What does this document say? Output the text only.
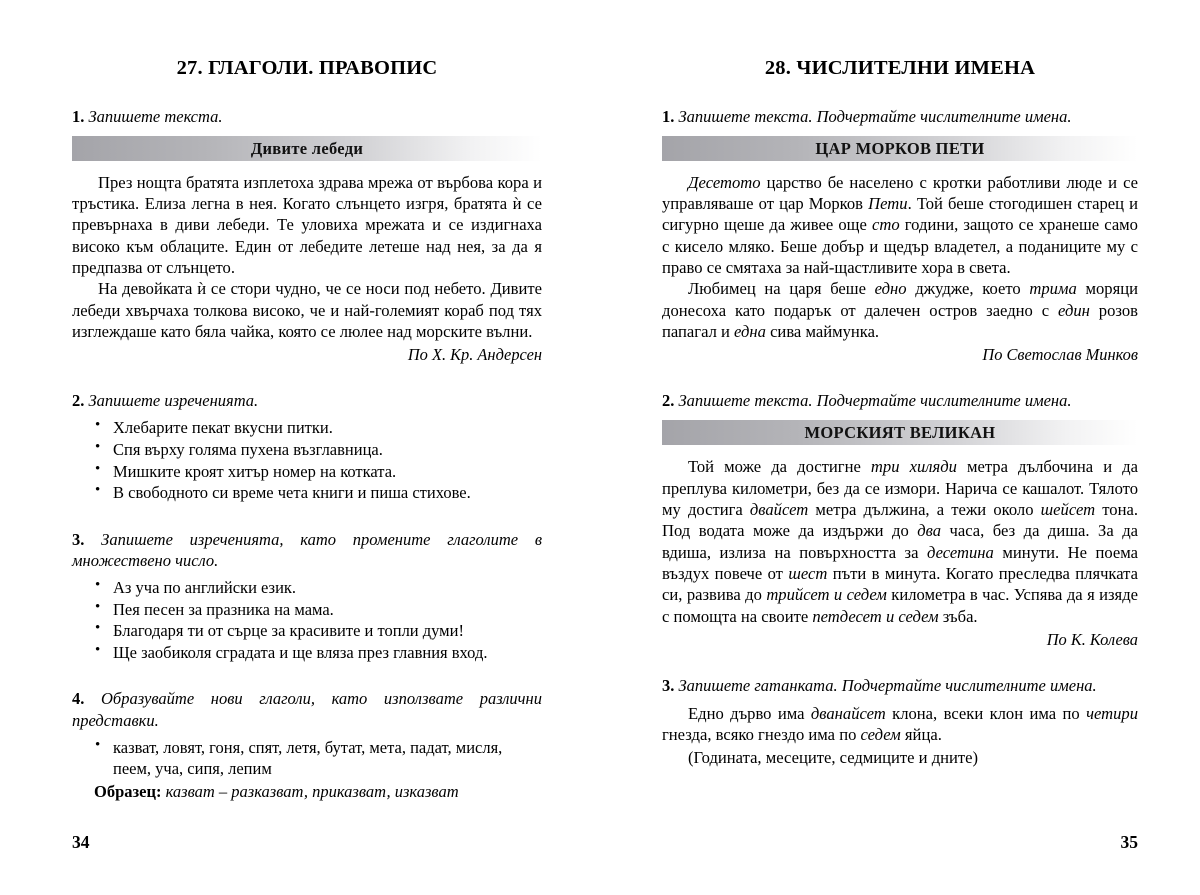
27. ГЛАГОЛИ. ПРАВОПИС

1. Запишете текста.

Дивите лебеди

През нощта братята изплетоха здрава мрежа от върбова кора и тръстика. Елиза легна в нея. Когато слънцето изгря, братята ѝ се превърнаха в диви лебеди. Те уловиха мрежата и се издигнаха високо към облаците. Един от лебедите летеше над нея, за да я предпазва от слънцето.

На девойката ѝ се стори чудно, че се носи под небето. Дивите лебеди хвърчаха толкова високо, че и най-големият кораб под тях изглеждаше като бяла чайка, която се люлее над морските вълни.

По Х. Кр. Андерсен

2. Запишете изреченията.

• Хлебарите пекат вкусни питки.
• Спя върху голяма пухена възглавница.
• Мишките кроят хитър номер на котката.
• В свободното си време чета книги и пиша стихове.

3. Запишете изреченията, като промените глаголите в множествено число.

• Аз уча по английски език.
• Пея песен за празника на мама.
• Благодаря ти от сърце за красивите и топли думи!
• Ще заобиколя сградата и ще вляза през главния вход.

4. Образувайте нови глаголи, като използвате различни представки.

• казват, ловят, гоня, спят, летя, бутат, мета, падат, мисля, пеем, уча, сипя, лепим

Образец: казват – разказват, приказват, изказват

34
28. ЧИСЛИТЕЛНИ ИМЕНА

1. Запишете текста. Подчертайте числителните имена.

ЦАР МОРКОВ ПЕТИ

Десетото царство бе населено с кротки работливи люде и се управляваше от цар Морков Пети. Той беше стогодишен старец и сигурно щеше да живее още сто години, защото се хранеше само с кисело мляко. Беше добър и щедър владетел, а поданиците му с право се смятаха за най-щастливите хора в света.

Любимец на царя беше едно джудже, което трима моряци донесоха като подарък от далечен остров заедно с един розов папагал и една сива маймунка.

По Светослав Минков

2. Запишете текста. Подчертайте числителните имена.

МОРСКИЯТ ВЕЛИКАН

Той може да достигне три хиляди метра дълбочина и да преплува километри, без да се измори. Нарича се кашалот. Тялото му достига двайсет метра дължина, а тежи около шейсет тона. Под водата може да издържи до два часа, без да диша. За да вдиша, излиза на повърхността за десетина минути. Не поема въздух повече от шест пъти в минута. Когато преследва плячката си, развива до трийсет и седем километра в час. Успява да я изяде с помощта на своите петдесет и седем зъба.

По К. Колева

3. Запишете гатанката. Подчертайте числителните имена.

Едно дърво има дванайсет клона, всеки клон има по четири гнезда, всяко гнездо има по седем яйца.

(Годината, месеците, седмиците и дните)

35
